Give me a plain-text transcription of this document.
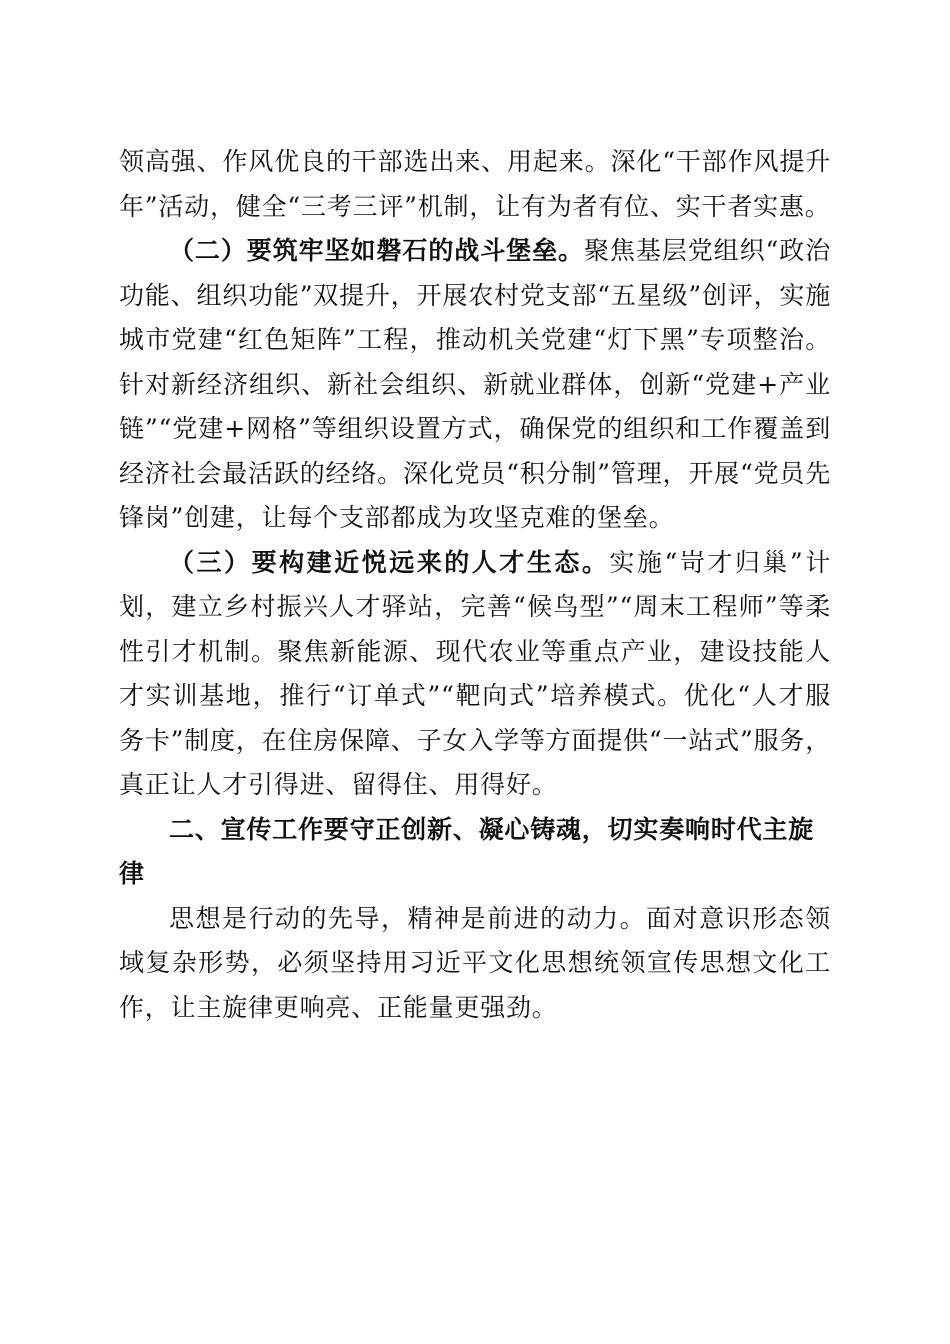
领高强、作风优良的干部选出来、用起来。深化“干部作风提升年”活动，健全“三考三评”机制，让有为者有位、实干者实惠。

（二）要筑牢坚如磐石的战斗堡垒。聚焦基层党组织“政治功能、组织功能”双提升，开展农村党支部“五星级”创评，实施城市党建“红色矩阵”工程，推动机关党建“灯下黑”专项整治。针对新经济组织、新社会组织、新就业群体，创新“党建+产业链”“党建+网格”等组织设置方式，确保党的组织和工作覆盖到经济社会最活跃的经络。深化党员“积分制”管理，开展“党员先锋岗”创建，让每个支部都成为攻坚克难的堡垒。

（三）要构建近悦远来的人才生态。实施“岢才归巢”计划，建立乡村振兴人才驿站，完善“候鸟型”“周末工程师”等柔性引才机制。聚焦新能源、现代农业等重点产业，建设技能人才实训基地，推行“订单式”“靶向式”培养模式。优化“人才服务卡”制度，在住房保障、子女入学等方面提供“一站式”服务，真正让人才引得进、留得住、用得好。

二、宣传工作要守正创新、凝心铸魂，切实奏响时代主旋律

思想是行动的先导，精神是前进的动力。面对意识形态领域复杂形势，必须坚持用习近平文化思想统领宣传思想文化工作，让主旋律更响亮、正能量更强劲。
